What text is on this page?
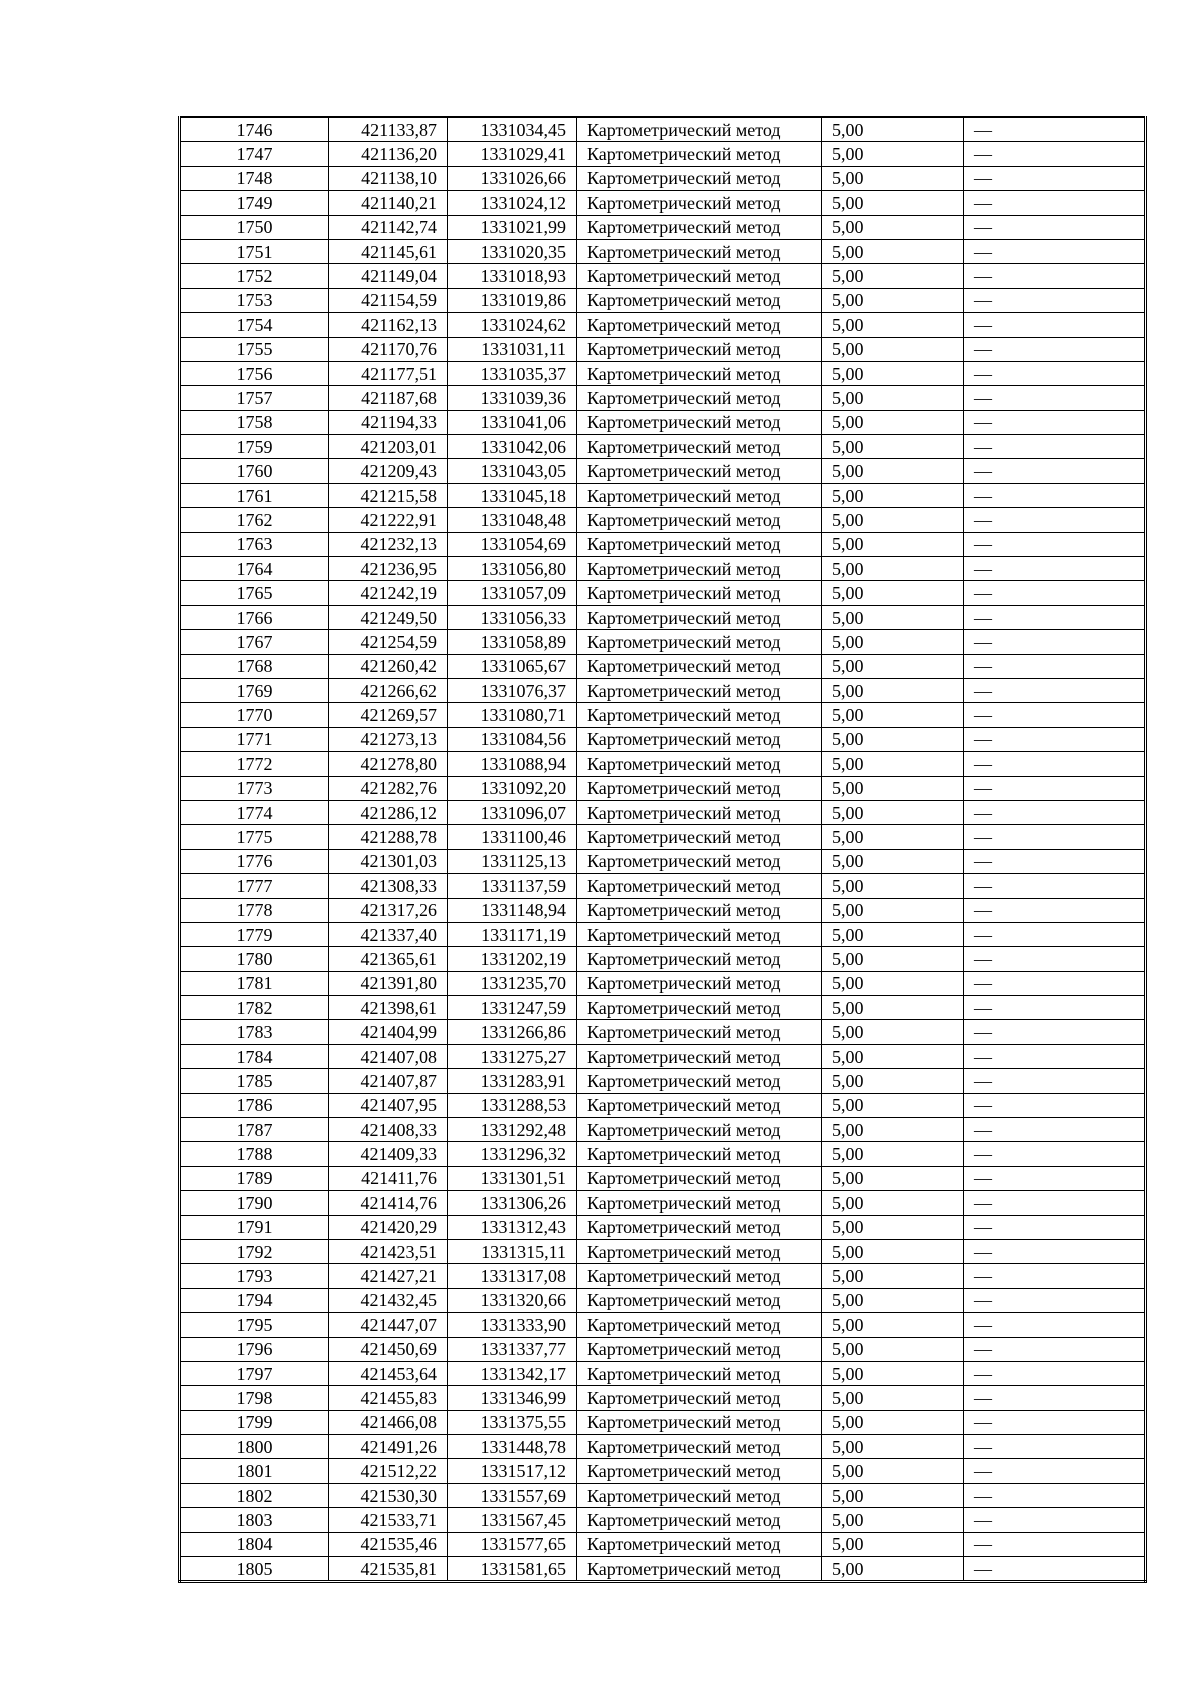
1746	421133,87	1331034,45	Картометрический метод	5,00	—
1747	421136,20	1331029,41	Картометрический метод	5,00	—
1748	421138,10	1331026,66	Картометрический метод	5,00	—
1749	421140,21	1331024,12	Картометрический метод	5,00	—
1750	421142,74	1331021,99	Картометрический метод	5,00	—
1751	421145,61	1331020,35	Картометрический метод	5,00	—
1752	421149,04	1331018,93	Картометрический метод	5,00	—
1753	421154,59	1331019,86	Картометрический метод	5,00	—
1754	421162,13	1331024,62	Картометрический метод	5,00	—
1755	421170,76	1331031,11	Картометрический метод	5,00	—
1756	421177,51	1331035,37	Картометрический метод	5,00	—
1757	421187,68	1331039,36	Картометрический метод	5,00	—
1758	421194,33	1331041,06	Картометрический метод	5,00	—
1759	421203,01	1331042,06	Картометрический метод	5,00	—
1760	421209,43	1331043,05	Картометрический метод	5,00	—
1761	421215,58	1331045,18	Картометрический метод	5,00	—
1762	421222,91	1331048,48	Картометрический метод	5,00	—
1763	421232,13	1331054,69	Картометрический метод	5,00	—
1764	421236,95	1331056,80	Картометрический метод	5,00	—
1765	421242,19	1331057,09	Картометрический метод	5,00	—
1766	421249,50	1331056,33	Картометрический метод	5,00	—
1767	421254,59	1331058,89	Картометрический метод	5,00	—
1768	421260,42	1331065,67	Картометрический метод	5,00	—
1769	421266,62	1331076,37	Картометрический метод	5,00	—
1770	421269,57	1331080,71	Картометрический метод	5,00	—
1771	421273,13	1331084,56	Картометрический метод	5,00	—
1772	421278,80	1331088,94	Картометрический метод	5,00	—
1773	421282,76	1331092,20	Картометрический метод	5,00	—
1774	421286,12	1331096,07	Картометрический метод	5,00	—
1775	421288,78	1331100,46	Картометрический метод	5,00	—
1776	421301,03	1331125,13	Картометрический метод	5,00	—
1777	421308,33	1331137,59	Картометрический метод	5,00	—
1778	421317,26	1331148,94	Картометрический метод	5,00	—
1779	421337,40	1331171,19	Картометрический метод	5,00	—
1780	421365,61	1331202,19	Картометрический метод	5,00	—
1781	421391,80	1331235,70	Картометрический метод	5,00	—
1782	421398,61	1331247,59	Картометрический метод	5,00	—
1783	421404,99	1331266,86	Картометрический метод	5,00	—
1784	421407,08	1331275,27	Картометрический метод	5,00	—
1785	421407,87	1331283,91	Картометрический метод	5,00	—
1786	421407,95	1331288,53	Картометрический метод	5,00	—
1787	421408,33	1331292,48	Картометрический метод	5,00	—
1788	421409,33	1331296,32	Картометрический метод	5,00	—
1789	421411,76	1331301,51	Картометрический метод	5,00	—
1790	421414,76	1331306,26	Картометрический метод	5,00	—
1791	421420,29	1331312,43	Картометрический метод	5,00	—
1792	421423,51	1331315,11	Картометрический метод	5,00	—
1793	421427,21	1331317,08	Картометрический метод	5,00	—
1794	421432,45	1331320,66	Картометрический метод	5,00	—
1795	421447,07	1331333,90	Картометрический метод	5,00	—
1796	421450,69	1331337,77	Картометрический метод	5,00	—
1797	421453,64	1331342,17	Картометрический метод	5,00	—
1798	421455,83	1331346,99	Картометрический метод	5,00	—
1799	421466,08	1331375,55	Картометрический метод	5,00	—
1800	421491,26	1331448,78	Картометрический метод	5,00	—
1801	421512,22	1331517,12	Картометрический метод	5,00	—
1802	421530,30	1331557,69	Картометрический метод	5,00	—
1803	421533,71	1331567,45	Картометрический метод	5,00	—
1804	421535,46	1331577,65	Картометрический метод	5,00	—
1805	421535,81	1331581,65	Картометрический метод	5,00	—
